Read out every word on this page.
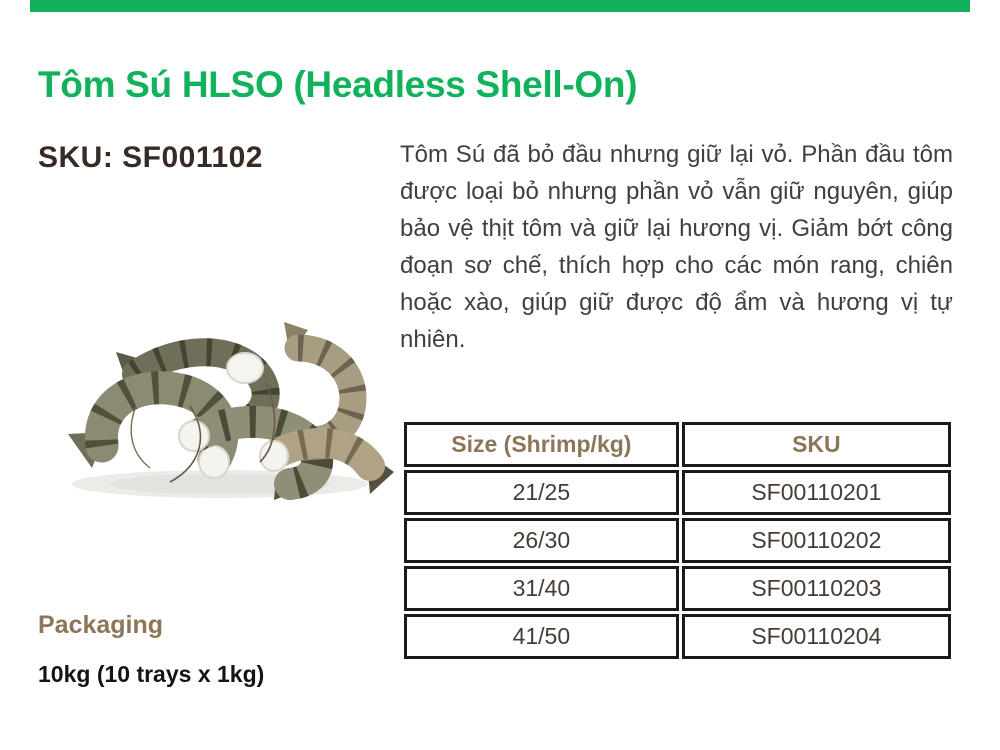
Tôm Sú HLSO (Headless Shell-On)
SKU: SF001102	Tôm Sú đã bỏ đầu nhưng giữ lại vỏ. Phần đầu tôm được loại bỏ nhưng phần vỏ vẫn giữ nguyên, giúp bảo vệ thịt tôm và giữ lại hương vị. Giảm bớt công đoạn sơ chế, thích hợp cho các món rang, chiên hoặc xào, giúp giữ được độ ẩm và hương vị tự nhiên.

Packaging
10kg (10 trays x 1kg)
Size (Shrimp/kg)	SKU
21/25	SF00110201
26/30	SF00110202
31/40	SF00110203
41/50	SF00110204
